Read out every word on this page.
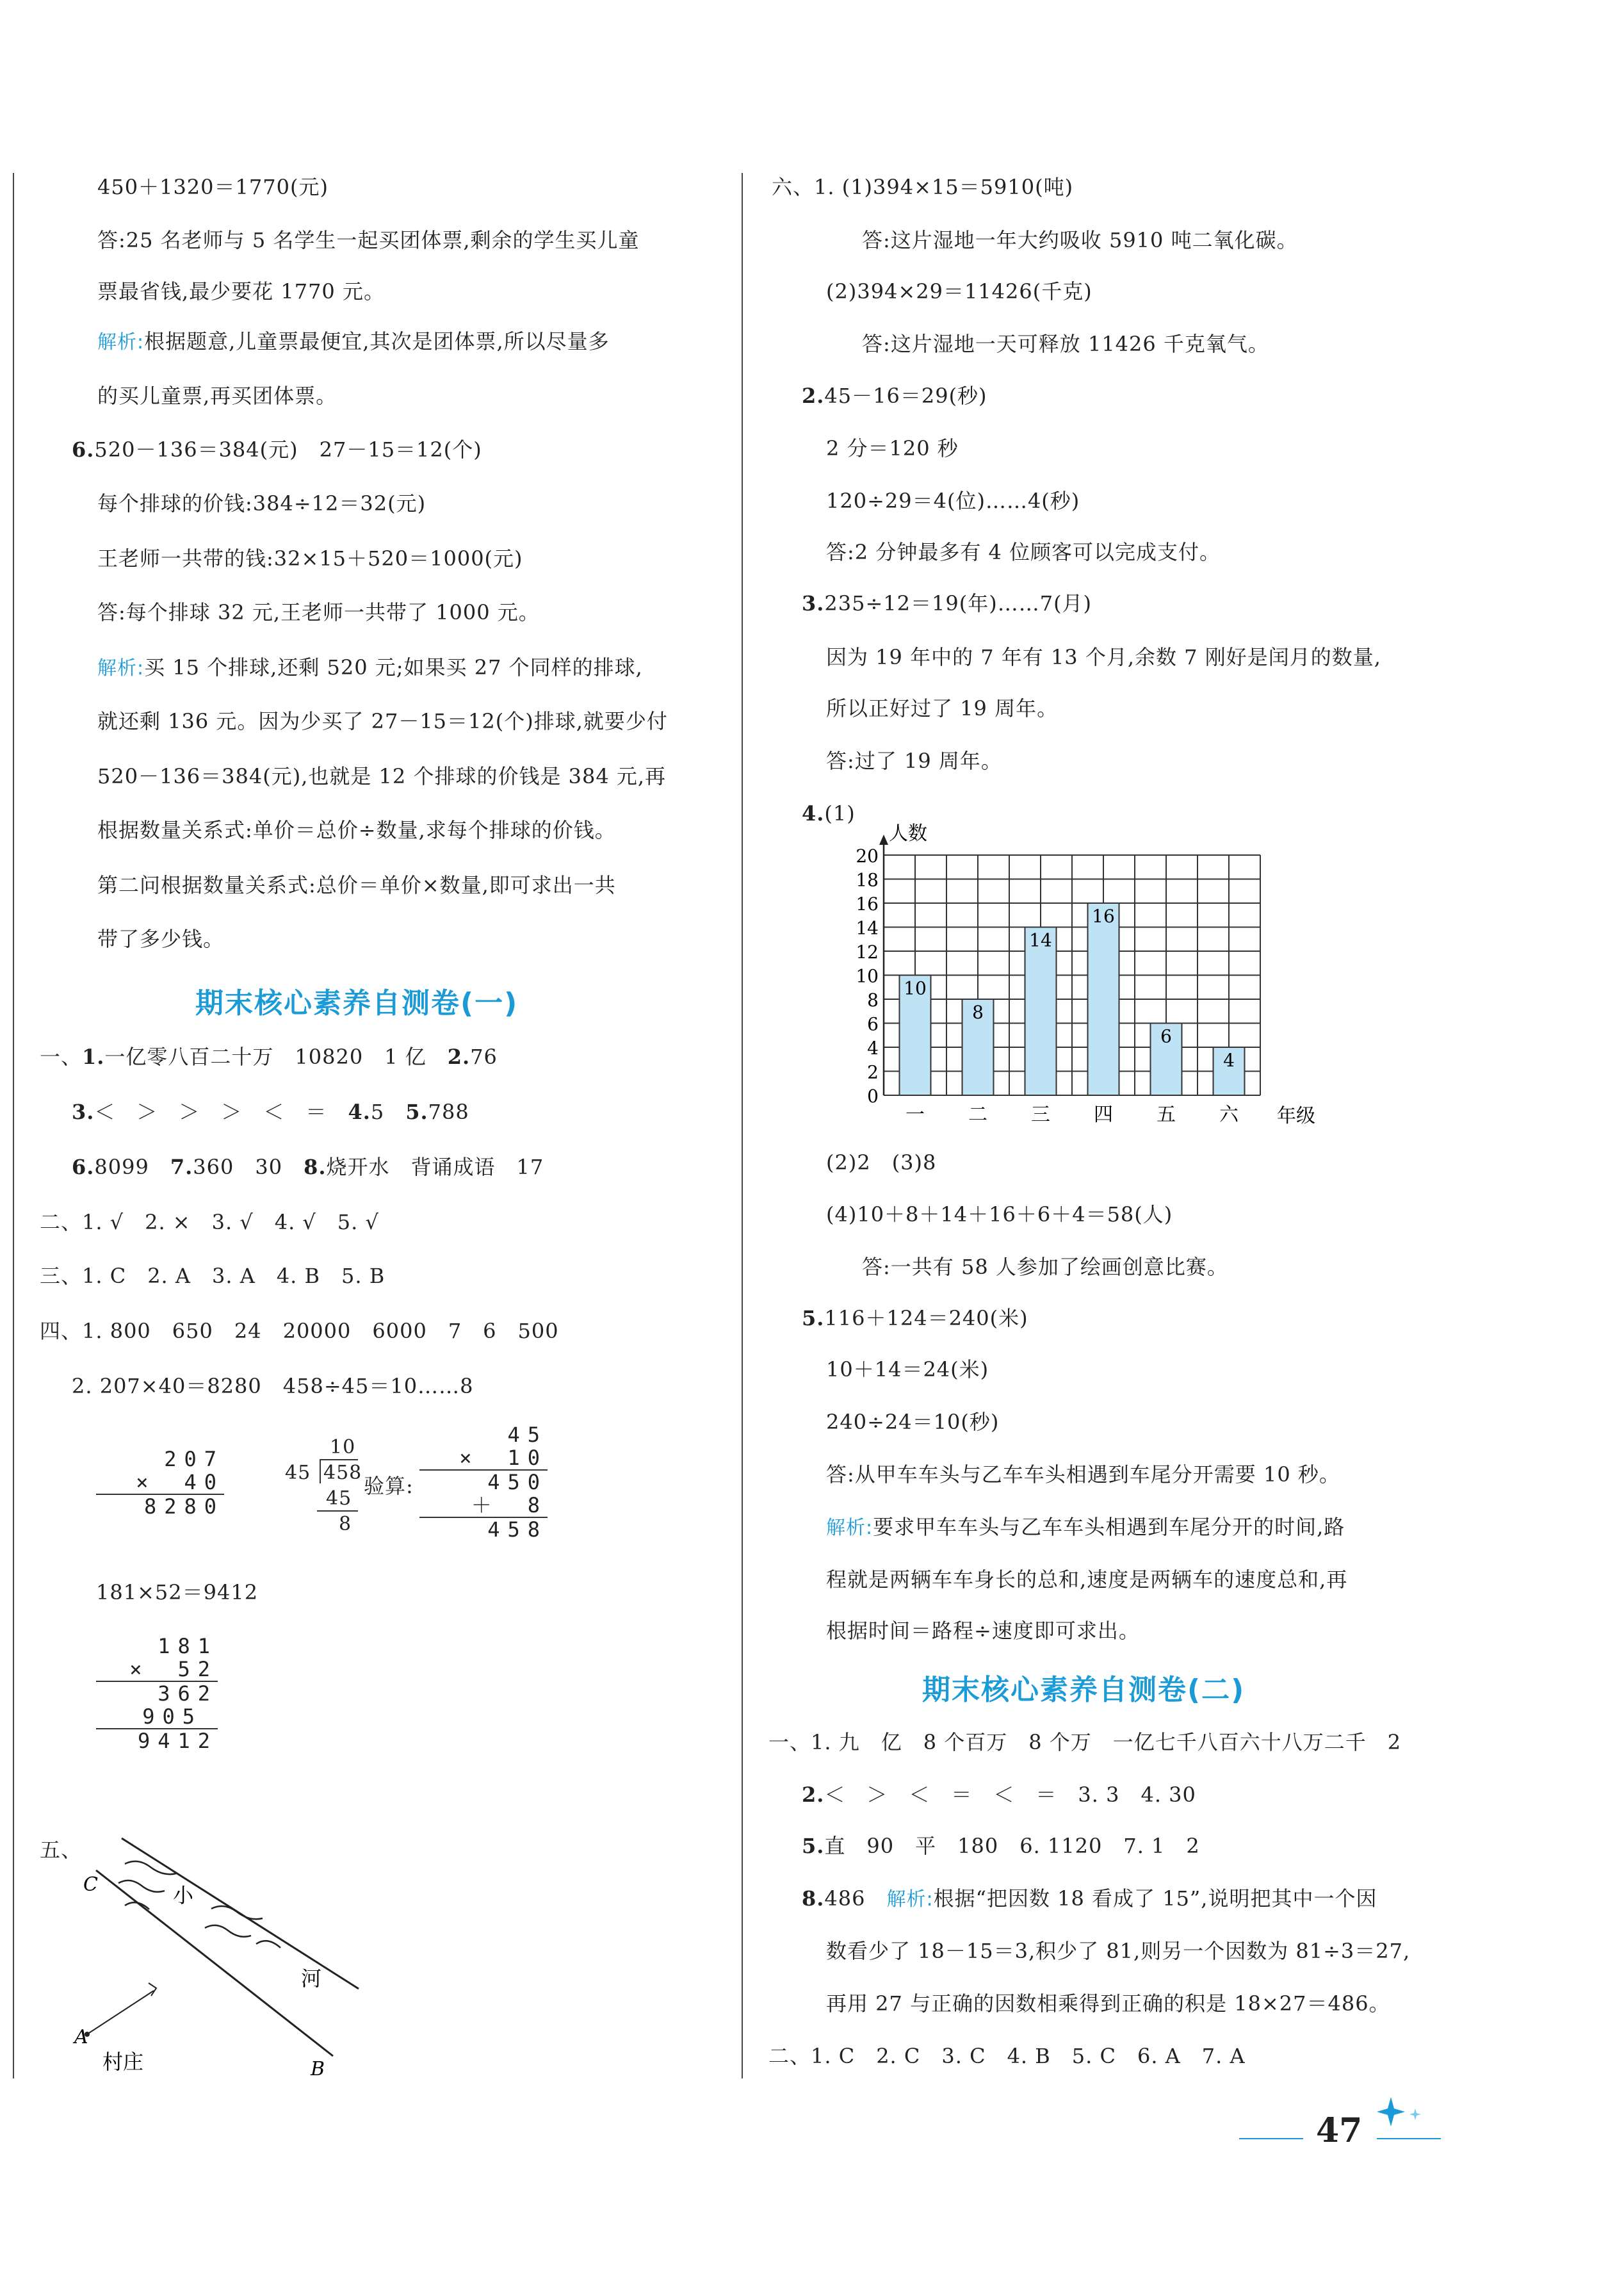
450＋1320＝1770(元)
答:25 名老师与 5 名学生一起买团体票,剩余的学生买儿童
票最省钱,最少要花 1770 元。
解析:根据题意,儿童票最便宜,其次是团体票,所以尽量多
的买儿童票,再买团体票。
6.520－136＝384(元)　27－15＝12(个)
每个排球的价钱:384÷12＝32(元)
王老师一共带的钱:32×15＋520＝1000(元)
答:每个排球 32 元,王老师一共带了 1000 元。
解析:买 15 个排球,还剩 520 元;如果买 27 个同样的排球,
就还剩 136 元。因为少买了 27－15＝12(个)排球,就要少付
520－136＝384(元),也就是 12 个排球的价钱是 384 元,再
根据数量关系式:单价＝总价÷数量,求每个排球的价钱。
第二问根据数量关系式:总价＝单价×数量,即可求出一共
带了多少钱。
期末核心素养自测卷(一)
一、1.一亿零八百二十万　10820　1 亿　 2.76
3.＜　＞　＞　＞　＜　＝　 4.5　 5.788
6.8099　 7.360　30　 8.烧开水　背诵成语　17
二、1. √　2. ×　3. √　4. √　5. √
三、1. C　2. A　3. A　4. B　5. B
四、1. 800　650　24　20000　6000　7　6　500
2. 207×40＝8280　458÷45＝10……8
207
×　40
8280
10
45 458
45
8
验算:
45
×　10
450
＋　8
458
181×52＝9412
181
×　52
362
905
9412
五、
C
A
B
小
河
村庄
六、1. (1)394×15＝5910(吨)
答:这片湿地一年大约吸收 5910 吨二氧化碳。
(2)394×29＝11426(千克)
答:这片湿地一天可释放 11426 千克氧气。
2.45－16＝29(秒)
2 分＝120 秒
120÷29＝4(位)……4(秒)
答:2 分钟最多有 4 位顾客可以完成支付。
3.235÷12＝19(年)……7(月)
因为 19 年中的 7 年有 13 个月,余数 7 刚好是闰月的数量,
所以正好过了 19 周年。
答:过了 19 周年。
4.(1)
人数
0
2
4
6
8
10
12
14
16
18
20
10
一
8
二
14
三
16
四
6
五
4
六 年级
(2)2　(3)8
(4)10＋8＋14＋16＋6＋4＝58(人)
答:一共有 58 人参加了绘画创意比赛。
5.116＋124＝240(米)
10＋14＝24(米)
240÷24＝10(秒)
答:从甲车车头与乙车车头相遇到车尾分开需要 10 秒。
解析:要求甲车车头与乙车车头相遇到车尾分开的时间,路
程就是两辆车车身长的总和,速度是两辆车的速度总和,再
根据时间＝路程÷速度即可求出。
期末核心素养自测卷(二)
一、1. 九　亿　8 个百万　8 个万　一亿七千八百六十八万二千　2
2.＜　＞　＜　＝　＜　＝　3. 3　4. 30
5.直　90　平　180　6. 1120　7. 1　2
8.486　 解析:根据“把因数 18 看成了 15”,说明把其中一个因
数看少了 18－15＝3,积少了 81,则另一个因数为 81÷3＝27,
再用 27 与正确的因数相乘得到正确的积是 18×27＝486。
二、1. C　2. C　3. C　4. B　5. C　6. A　7. A
47
